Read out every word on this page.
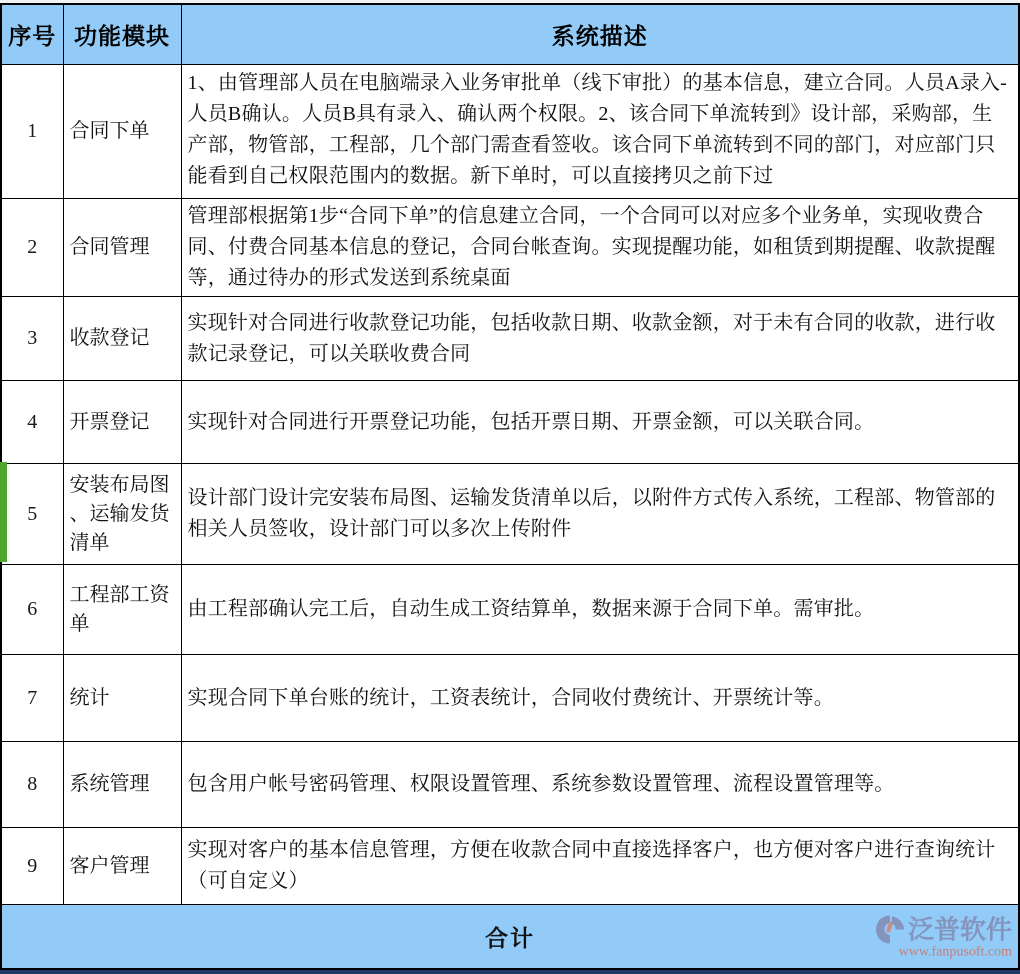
序号	功能模块	系统描述
1	合同下单	1、由管理部人员在电脑端录入业务审批单（线下审批）的基本信息，建立合同。人员A录入-人员B确认。人员B具有录入、确认两个权限。2、该合同下单流转到》设计部，采购部，生产部，物管部，工程部，几个部门需查看签收。该合同下单流转到不同的部门，对应部门只能看到自己权限范围内的数据。新下单时，可以直接拷贝之前下过
2	合同管理	管理部根据第1步“合同下单”的信息建立合同，一个合同可以对应多个业务单，实现收费合同、付费合同基本信息的登记，合同台帐查询。实现提醒功能，如租赁到期提醒、收款提醒等，通过待办的形式发送到系统桌面
3	收款登记	实现针对合同进行收款登记功能，包括收款日期、收款金额，对于未有合同的收款，进行收款记录登记，可以关联收费合同
4	开票登记	实现针对合同进行开票登记功能，包括开票日期、开票金额，可以关联合同。
5	安装布局图、运输发货清单	设计部门设计完安装布局图、运输发货清单以后，以附件方式传入系统，工程部、物管部的相关人员签收，设计部门可以多次上传附件
6	工程部工资单	由工程部确认完工后，自动生成工资结算单，数据来源于合同下单。需审批。
7	统计	实现合同下单台账的统计，工资表统计，合同收付费统计、开票统计等。
8	系统管理	包含用户帐号密码管理、权限设置管理、系统参数设置管理、流程设置管理等。
9	客户管理	实现对客户的基本信息管理，方便在收款合同中直接选择客户，也方便对客户进行查询统计（可自定义）
合计 泛普软件
www.fanpusoft.com		
